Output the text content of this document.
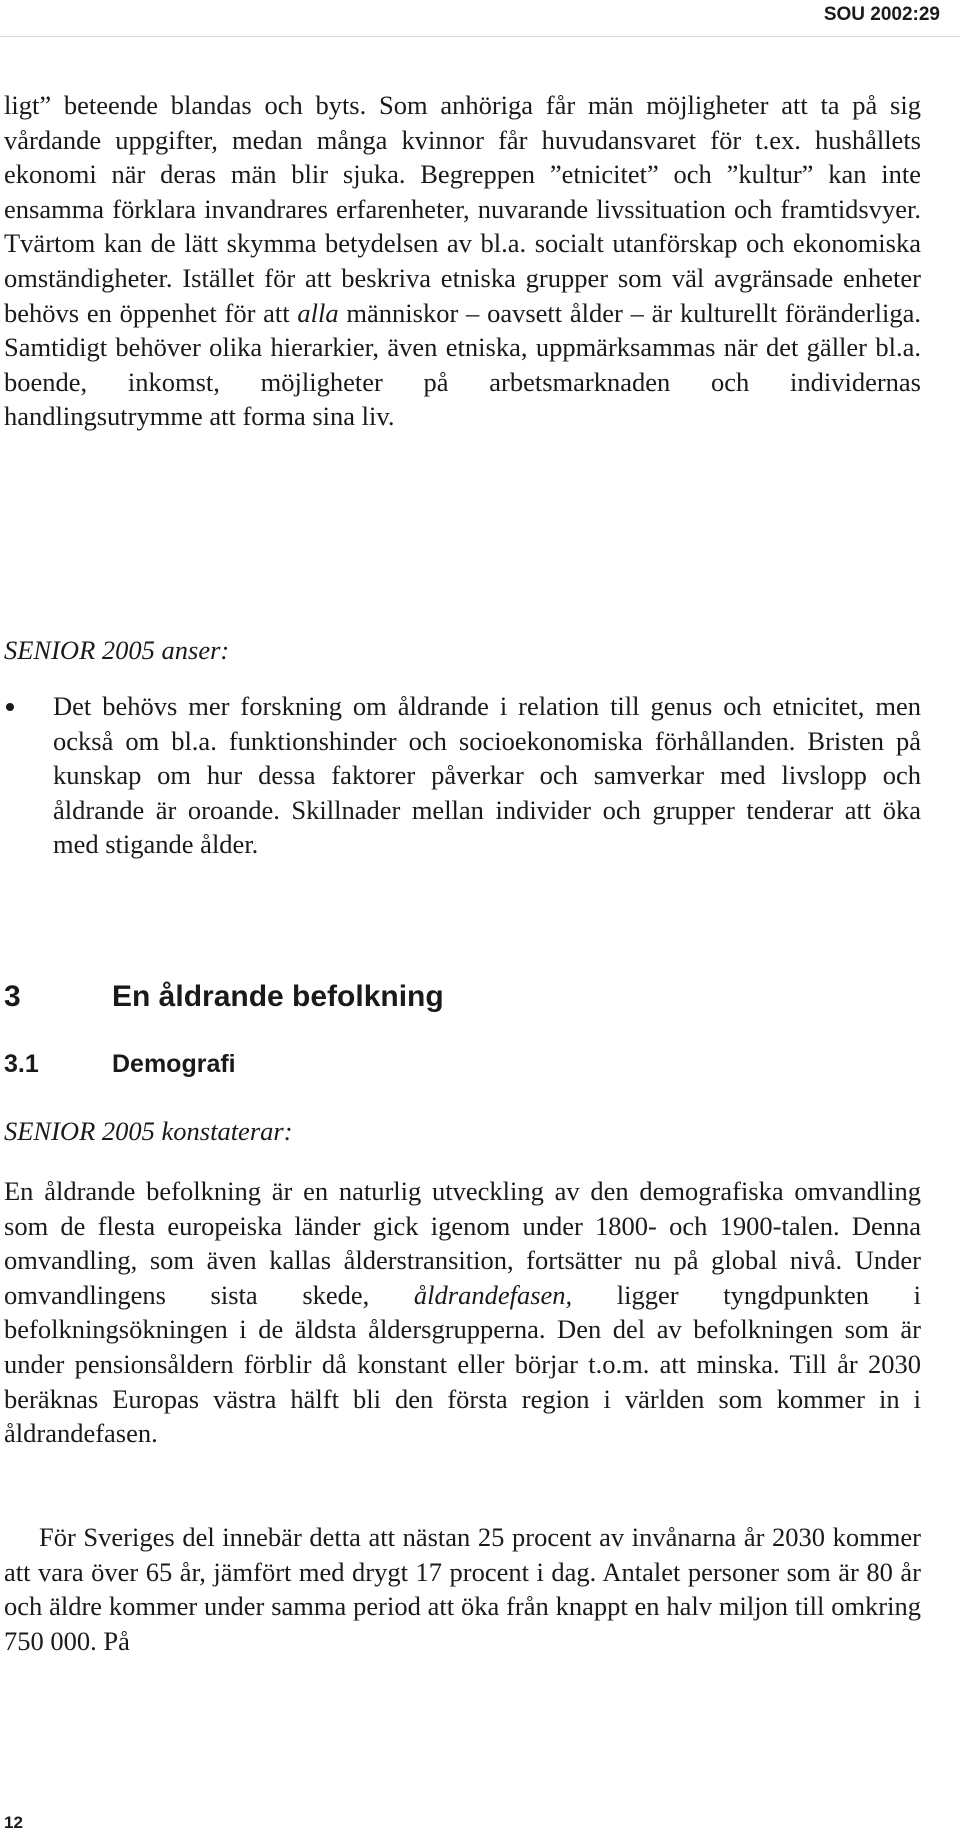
SOU 2002:29

ligt” beteende blandas och byts. Som anhöriga får män möjligheter att ta på sig vårdande uppgifter, medan många kvinnor får huvudansvaret för t.ex. hushållets ekonomi när deras män blir sjuka. Begreppen ”etnicitet” och ”kultur” kan inte ensamma förklara invandrares erfarenheter, nuvarande livssituation och framtidsvyer. Tvärtom kan de lätt skymma betydelsen av bl.a. socialt utanförskap och ekonomiska omständigheter. Istället för att beskriva etniska grupper som väl avgränsade enheter behövs en öppenhet för att alla människor – oavsett ålder – är kulturellt föränderliga. Samtidigt behöver olika hierarkier, även etniska, uppmärksammas när det gäller bl.a. boende, inkomst, möjligheter på arbetsmarknaden och individernas handlingsutrymme att forma sina liv.

SENIOR 2005 anser:

Det behövs mer forskning om åldrande i relation till genus och etnicitet, men också om bl.a. funktionshinder och socioekonomiska förhållanden. Bristen på kunskap om hur dessa faktorer påverkar och samverkar med livslopp och åldrande är oroande. Skillnader mellan individer och grupper tenderar att öka med stigande ålder.
3	En åldrande befolkning
3.1	Demografi

SENIOR 2005 konstaterar:

En åldrande befolkning är en naturlig utveckling av den demografiska omvandling som de flesta europeiska länder gick igenom under 1800- och 1900-talen. Denna omvandling, som även kallas ålderstransition, fortsätter nu på global nivå. Under omvandlingens sista skede, åldrandefasen, ligger tyngdpunkten i befolkningsökningen i de äldsta åldersgrupperna. Den del av befolkningen som är under pensionsåldern förblir då konstant eller börjar t.o.m. att minska. Till år 2030 beräknas Europas västra hälft bli den första region i världen som kommer in i åldrandefasen.

För Sveriges del innebär detta att nästan 25 procent av invånarna år 2030 kommer att vara över 65 år, jämfört med drygt 17 procent i dag. Antalet personer som är 80 år och äldre kommer under samma period att öka från knappt en halv miljon till omkring 750 000. På

12
